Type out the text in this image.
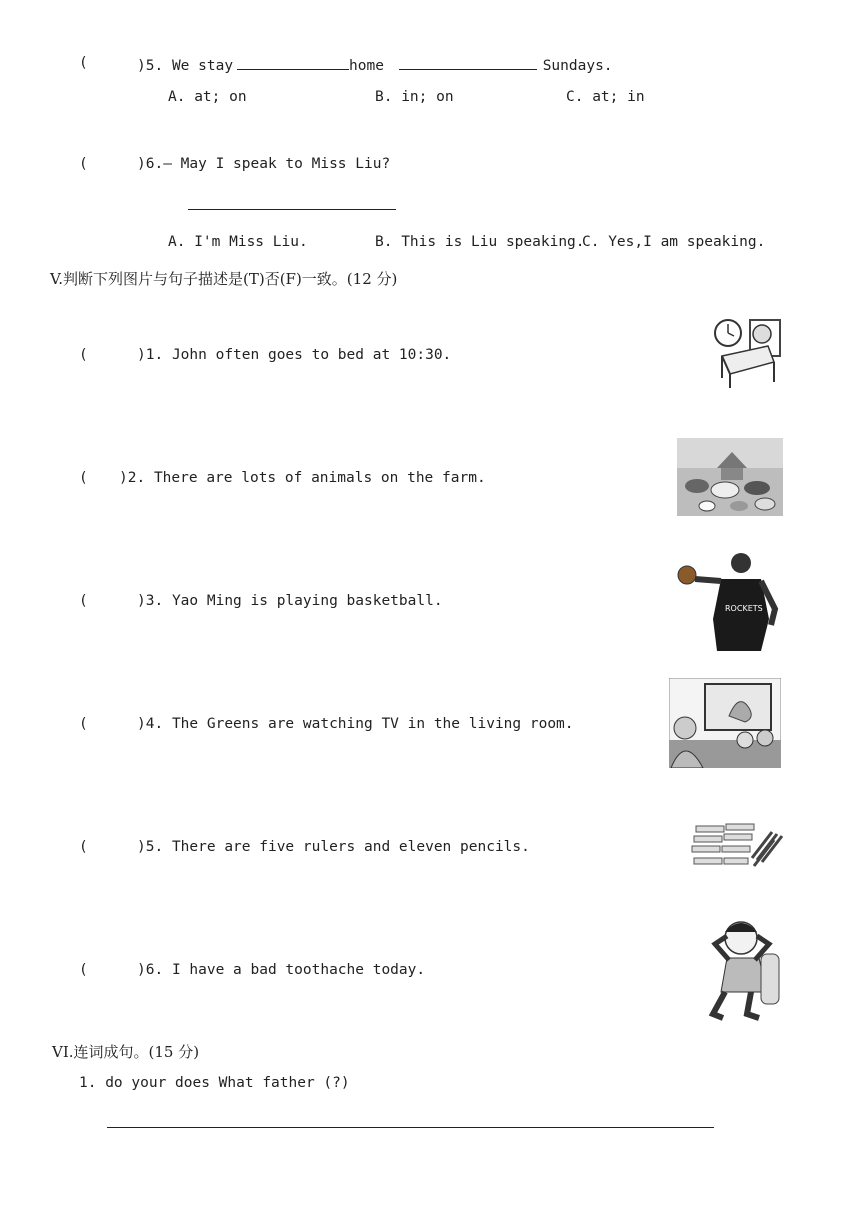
(	)5. We stay	home	Sundays.
A. at; on	B. in; on	C. at; in
(	)6.— May I speak to Miss Liu?
A. I'm Miss Liu.	B. This is Liu speaking.
C. Yes,I am speaking.
V.判断下列图片与句子描述是(T)否(F)一致。(12 分)
(	)1. John often goes to bed at 10:30.
( )2. There are lots of animals on the farm.
(	)3. Yao Ming is playing basketball.
(	)4. The Greens are watching TV in the living room.
(	)5. There are five rulers and eleven pencils.
(	)6. I have a bad toothache today.
ROCKETS
VI.连词成句。(15 分)
1. do your does What father (?)
